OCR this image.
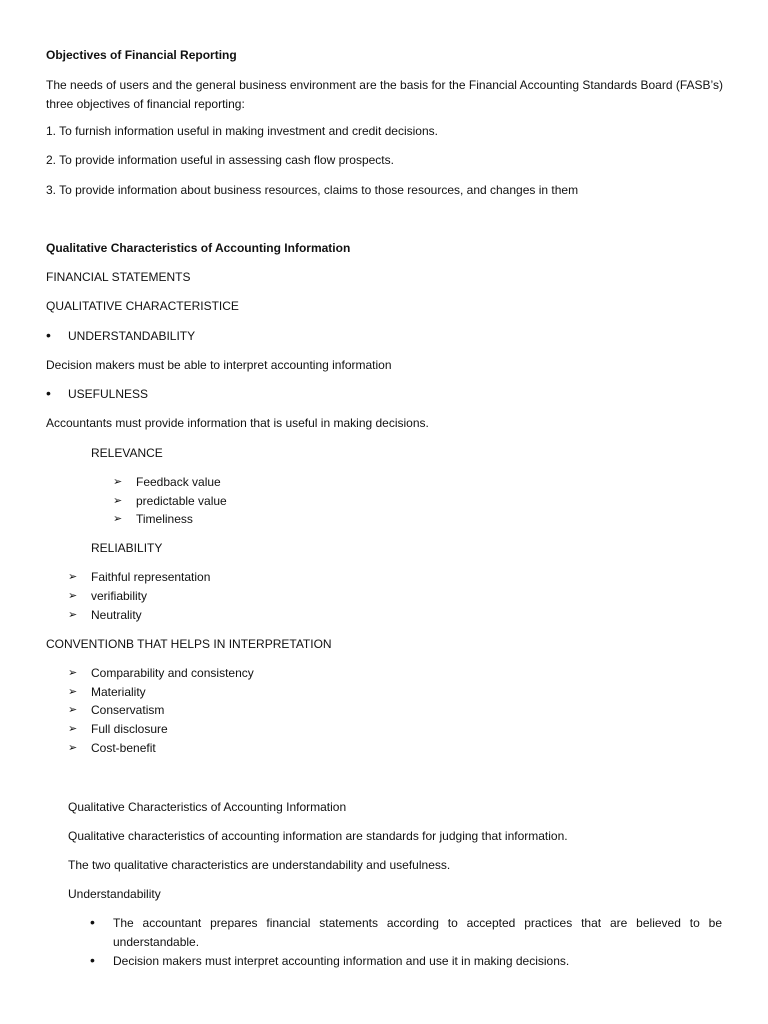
Objectives of Financial Reporting
The needs of users and the general business environment are the basis for the Financial Accounting Standards Board (FASB’s) three objectives of financial reporting:
1. To furnish information useful in making investment and credit decisions.
2. To provide information useful in assessing cash flow prospects.
3. To provide information about business resources, claims to those resources, and changes in them
Qualitative Characteristics of Accounting Information
FINANCIAL STATEMENTS
QUALITATIVE CHARACTERISTICE
• UNDERSTANDABILITY
Decision makers must be able to interpret accounting information
• USEFULNESS
Accountants must provide information that is useful in making decisions.
RELEVANCE
➢ Feedback value
➢ predictable value
➢ Timeliness
RELIABILITY
➢ Faithful representation
➢ verifiability
➢ Neutrality
CONVENTIONB THAT HELPS IN INTERPRETATION
➢ Comparability and consistency
➢ Materiality
➢ Conservatism
➢ Full disclosure
➢ Cost-benefit
Qualitative Characteristics of Accounting Information
Qualitative characteristics of accounting information are standards for judging that information.
The two qualitative characteristics are understandability and usefulness.
Understandability
• The accountant prepares financial statements according to accepted practices that are believed to be understandable.
• Decision makers must interpret accounting information and use it in making decisions.
